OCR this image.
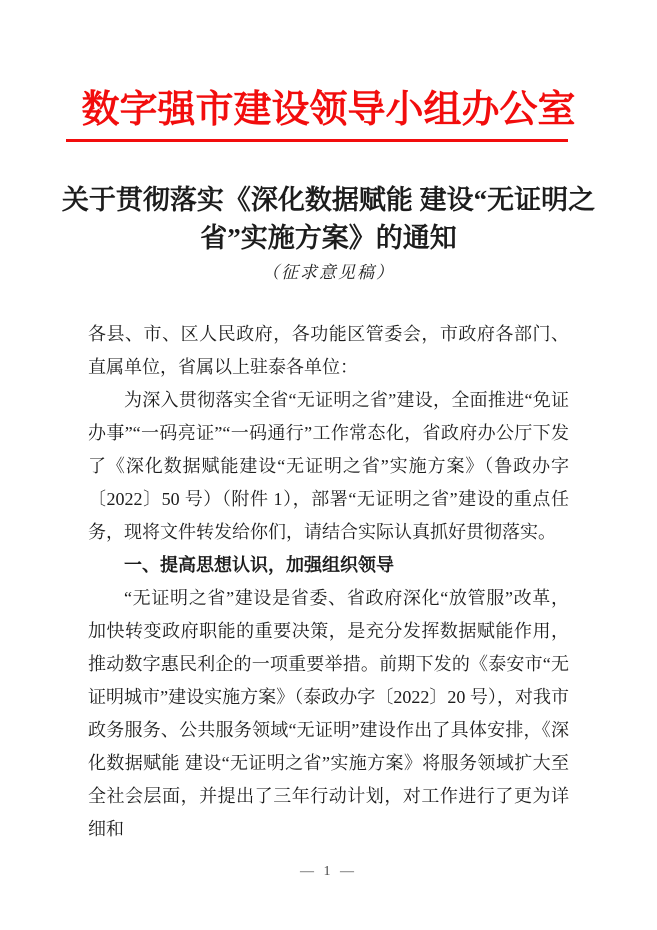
数字强市建设领导小组办公室
关于贯彻落实《深化数据赋能 建设“无证明之省”实施方案》的通知
（征求意见稿）

各县、市、区人民政府，各功能区管委会，市政府各部门、直属单位，省属以上驻泰各单位：

为深入贯彻落实全省“无证明之省”建设，全面推进“免证办事”“一码亮证”“一码通行”工作常态化，省政府办公厅下发了《深化数据赋能建设“无证明之省”实施方案》（鲁政办字〔2022〕50 号）（附件 1），部署“无证明之省”建设的重点任务，现将文件转发给你们，请结合实际认真抓好贯彻落实。

一、提高思想认识，加强组织领导

“无证明之省”建设是省委、省政府深化“放管服”改革，加快转变政府职能的重要决策，是充分发挥数据赋能作用，推动数字惠民利企的一项重要举措。前期下发的《泰安市“无证明城市”建设实施方案》（泰政办字〔2022〕20 号），对我市政务服务、公共服务领域“无证明”建设作出了具体安排，《深化数据赋能 建设“无证明之省”实施方案》将服务领域扩大至全社会层面，并提出了三年行动计划，对工作进行了更为详细和

— 1 —
